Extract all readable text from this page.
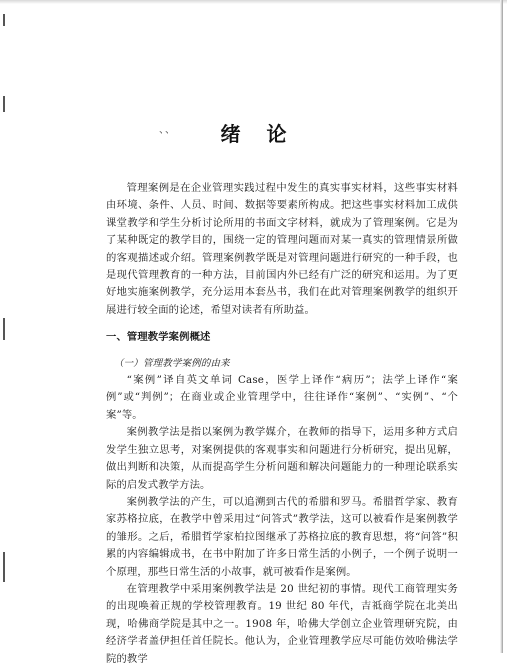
、、	绪论

管理案例是在企业管理实践过程中发生的真实事实材料，这些事实材料由环境、条件、人员、时间、数据等要素所构成。把这些事实材料加工成供课堂教学和学生分析讨论所用的书面文字材料，就成为了管理案例。它是为了某种既定的教学目的，围绕一定的管理问题而对某一真实的管理情景所做的客观描述或介绍。管理案例教学既是对管理问题进行研究的一种手段，也是现代管理教育的一种方法，目前国内外已经有广泛的研究和运用。为了更好地实施案例教学，充分运用本套丛书，我们在此对管理案例教学的组织开展进行较全面的论述，希望对读者有所助益。

一、管理教学案例概述

（一）管理教学案例的由来

“案例”译自英文单词 Case，医学上译作“病历”；法学上译作“案例”或“判例”；在商业或企业管理学中，往往译作“案例”、“实例”、“个案”等。

案例教学法是指以案例为教学媒介，在教师的指导下，运用多种方式启发学生独立思考，对案例提供的客观事实和问题进行分析研究，提出见解，做出判断和决策，从而提高学生分析问题和解决问题能力的一种理论联系实际的启发式教学方法。

案例教学法的产生，可以追溯到古代的希腊和罗马。希腊哲学家、教育家苏格拉底，在教学中曾采用过“问答式”教学法，这可以被看作是案例教学的雏形。之后，希腊哲学家柏拉图继承了苏格拉底的教育思想，将“问答”积累的内容编辑成书，在书中附加了许多日常生活的小例子，一个例子说明一个原理，那些日常生活的小故事，就可被看作是案例。

在管理教学中采用案例教学法是 20 世纪初的事情。现代工商管理实务的出现唤着正规的学校管理教育。19 世纪 80 年代，吉祗商学院在北美出现，哈佛商学院是其中之一。1908 年，哈佛大学创立企业管理研究院，由经济学者盖伊担任首任院长。他认为，企业管理教学应尽可能仿效哈佛法学院的教学
